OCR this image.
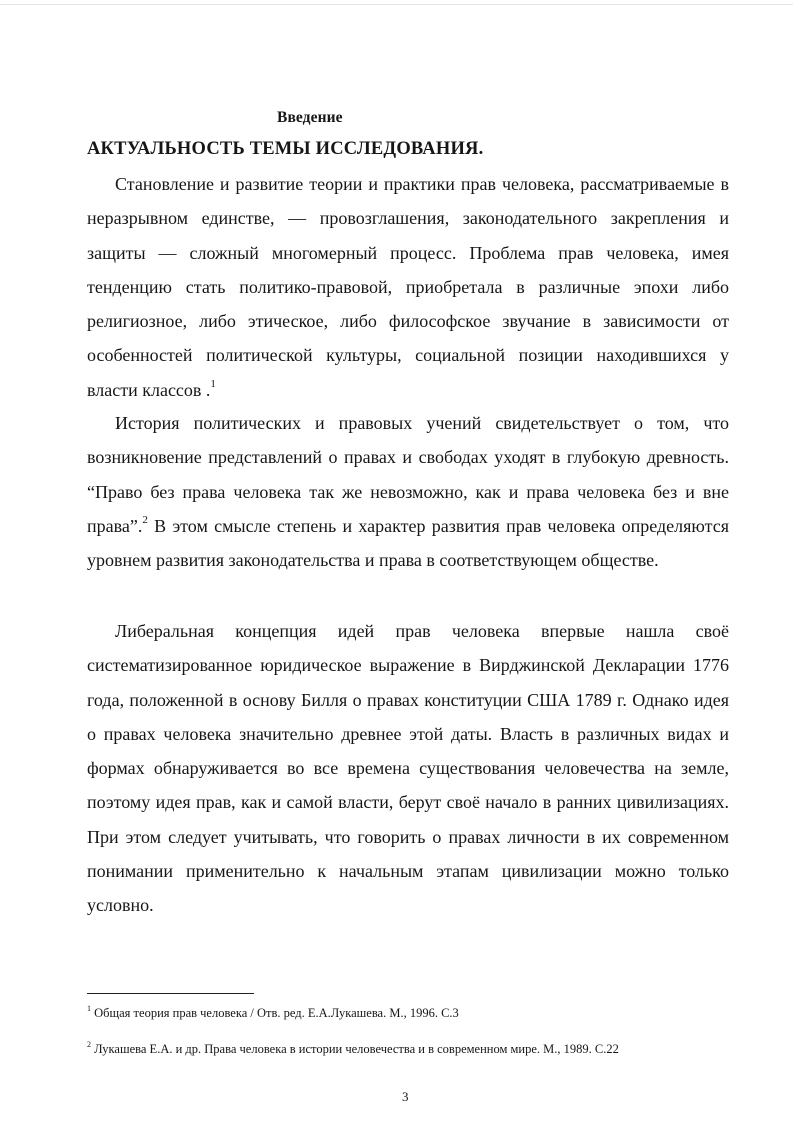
Введение
АКТУАЛЬНОСТЬ ТЕМЫ ИССЛЕДОВАНИЯ.

Становление и развитие теории и практики прав человека, рассматриваемые в неразрывном единстве, — провозглашения, законодательного закрепления и защиты — сложный многомерный процесс. Проблема прав человека, имея тенденцию стать политико-правовой, приобретала в различные эпохи либо религиозное, либо этическое, либо философское звучание в зависимости от особенностей политической культуры, социальной позиции находившихся у власти классов .$^1$

История политических и правовых учений свидетельствует о том, что возникновение представлений о правах и свободах уходят в глубокую древность. “Право без права человека так же невозможно, как и права человека без и вне права”.$^2$ В этом смысле степень и характер развития прав человека определяются уровнем развития законодательства и права в соответствующем обществе.

Либеральная концепция идей прав человека впервые нашла своё систематизированное юридическое выражение в Вирджинской Декларации 1776 года, положенной в основу Билля о правах конституции США 1789 г. Однако идея о правах человека значительно древнее этой даты. Власть в различных видах и формах обнаруживается во все времена существования человечества на земле, поэтому идея прав, как и самой власти, берут своё начало в ранних цивилизациях. При этом следует учитывать, что говорить о правах личности в их современном понимании применительно к начальным этапам цивилизации можно только условно.

$^1$ Общая теория прав человека / Отв. ред. Е.А.Лукашева. М., 1996. С.3
$^2$ Лукашева Е.А. и др. Права человека в истории человечества и в современном мире. М., 1989. С.22
3
